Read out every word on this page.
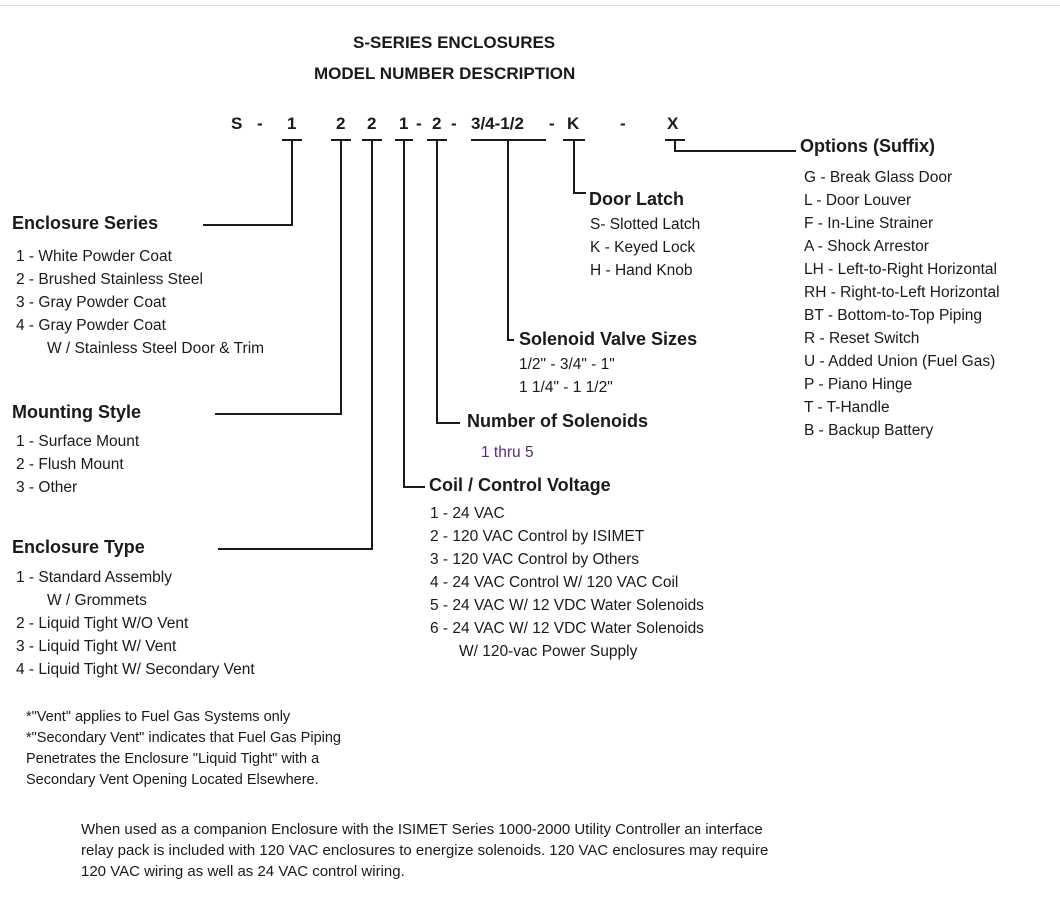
S-SERIES ENCLOSURES
MODEL NUMBER DESCRIPTION
S - 1 2 2 1 - 2 - 3/4-1/2 - K - X
Enclosure Series
1 - White Powder Coat
2 - Brushed Stainless Steel
3 - Gray Powder Coat
4 - Gray Powder Coat
W / Stainless Steel Door & Trim
Mounting Style
1 - Surface Mount
2 - Flush Mount
3 - Other
Enclosure Type
1 - Standard Assembly
W / Grommets
2 - Liquid Tight W/O Vent
3 - Liquid Tight W/ Vent
4 - Liquid Tight W/ Secondary Vent
Door Latch
S- Slotted Latch
K - Keyed Lock
H - Hand Knob
Solenoid Valve Sizes
1/2" - 3/4" - 1"
1 1/4" - 1 1/2"
Number of Solenoids
1 thru 5
Coil / Control Voltage
1 - 24 VAC
2 - 120 VAC Control by ISIMET
3 - 120 VAC Control by Others
4 - 24 VAC Control W/ 120 VAC Coil
5 - 24 VAC W/ 12 VDC Water Solenoids
6 - 24 VAC W/ 12 VDC Water Solenoids
W/ 120-vac Power Supply
Options (Suffix)
G - Break Glass Door
L - Door Louver
F - In-Line Strainer
A - Shock Arrestor
LH - Left-to-Right Horizontal
RH - Right-to-Left Horizontal
BT - Bottom-to-Top Piping
R - Reset Switch
U - Added Union (Fuel Gas)
P - Piano Hinge
T - T-Handle
B - Backup Battery
*"Vent" applies to Fuel Gas Systems only
*"Secondary Vent" indicates that Fuel Gas Piping
Penetrates the Enclosure "Liquid Tight" with a
Secondary Vent Opening Located Elsewhere.
When used as a companion Enclosure with the ISIMET Series 1000-2000 Utility Controller an interface
relay pack is included with 120 VAC enclosures to energize solenoids. 120 VAC enclosures may require
120 VAC wiring as well as 24 VAC control wiring.
